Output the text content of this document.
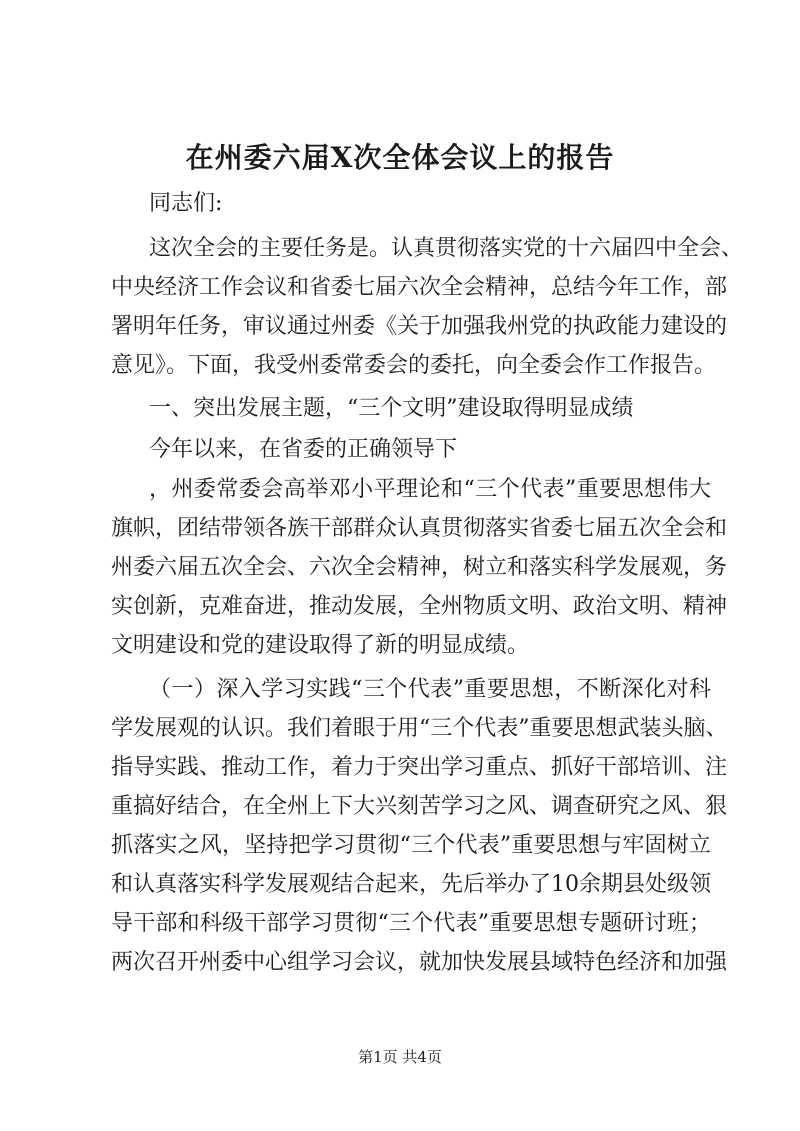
在州委六届X次全体会议上的报告
同志们:
这次全会的主要任务是。认真贯彻落实党的十六届四中全会、
中央经济工作会议和省委七届六次全会精神，总结今年工作，部
署明年任务，审议通过州委《关于加强我州党的执政能力建设的
意见》。下面，我受州委常委会的委托，向全委会作工作报告。
一、突出发展主题，“三个文明”建设取得明显成绩
今年以来，在省委的正确领导下
，州委常委会高举邓小平理论和“三个代表”重要思想伟大
旗帜，团结带领各族干部群众认真贯彻落实省委七届五次全会和
州委六届五次全会、六次全会精神，树立和落实科学发展观，务
实创新，克难奋进，推动发展，全州物质文明、政治文明、精神
文明建设和党的建设取得了新的明显成绩。
（一）深入学习实践“三个代表”重要思想，不断深化对科
学发展观的认识。我们着眼于用“三个代表”重要思想武装头脑、
指导实践、推动工作，着力于突出学习重点、抓好干部培训、注
重搞好结合，在全州上下大兴刻苦学习之风、调查研究之风、狠
抓落实之风，坚持把学习贯彻“三个代表”重要思想与牢固树立
和认真落实科学发展观结合起来，先后举办了10余期县处级领
导干部和科级干部学习贯彻“三个代表”重要思想专题研讨班；
两次召开州委中心组学习会议，就加快发展县域特色经济和加强
第1页 共4页
